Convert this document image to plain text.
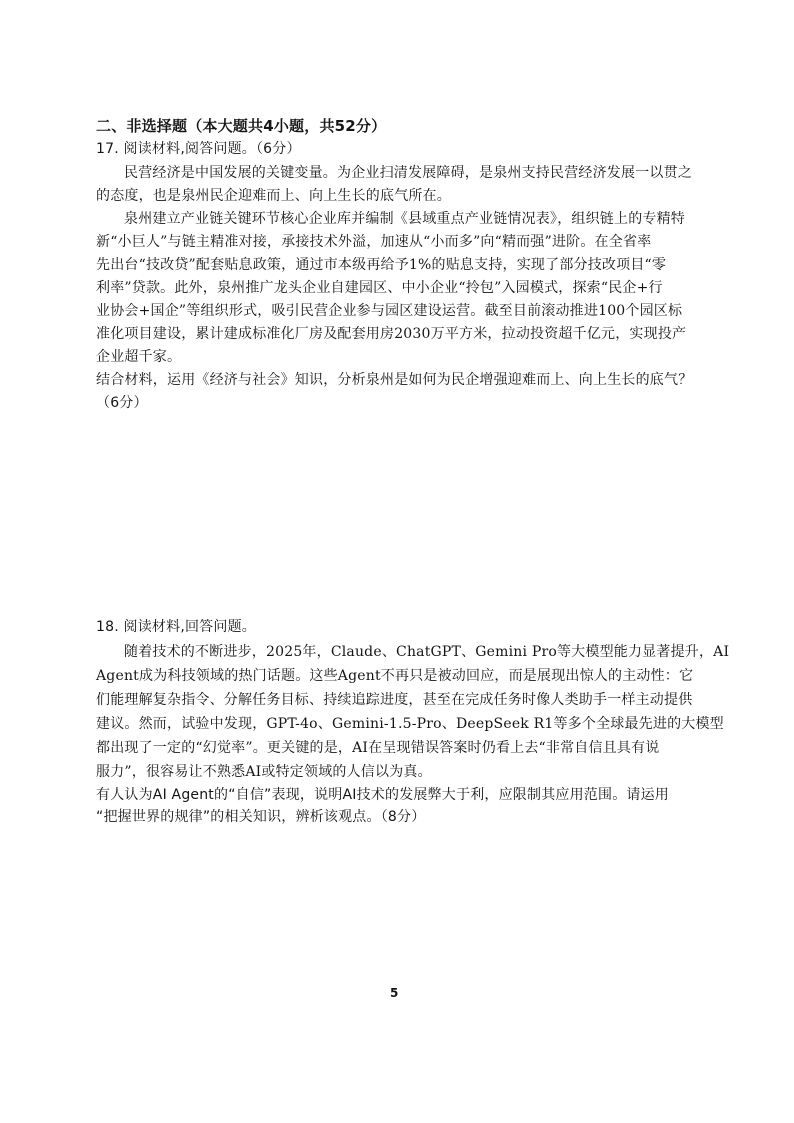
二、非选择题（本大题共4小题，共52分）
17. 阅读材料,阅答问题。（6分）
民营经济是中国发展的关键变量。为企业扫清发展障碍，是泉州支持民营经济发展一以贯之
的态度，也是泉州民企迎难而上、向上生长的底气所在。
泉州建立产业链关键环节核心企业库并编制《县域重点产业链情况表》，组织链上的专精特
新“小巨人”与链主精准对接，承接技术外溢，加速从“小而多”向“精而强”进阶。在全省率
先出台“技改贷”配套贴息政策，通过市本级再给予1%的贴息支持，实现了部分技改项目“零
利率”贷款。此外，泉州推广龙头企业自建园区、中小企业“拎包”入园模式，探索“民企+行
业协会+国企”等组织形式，吸引民营企业参与园区建设运营。截至目前滚动推进100个园区标
准化项目建设，累计建成标准化厂房及配套用房2030万平方米，拉动投资超千亿元，实现投产
企业超千家。
结合材料，运用《经济与社会》知识，分析泉州是如何为民企增强迎难而上、向上生长的底气？
（6分）
18. 阅读材料,回答问题。
随着技术的不断进步，2025年，Claude、ChatGPT、Gemini Pro等大模型能力显著提升，AI
Agent成为科技领域的热门话题。这些Agent不再只是被动回应，而是展现出惊人的主动性：它
们能理解复杂指令、分解任务目标、持续追踪进度，甚至在完成任务时像人类助手一样主动提供
建议。然而，试验中发现，GPT-4o、Gemini-1.5-Pro、DeepSeek R1等多个全球最先进的大模型
都出现了一定的“幻觉率”。更关键的是，AI在呈现错误答案时仍看上去“非常自信且具有说
服力”，很容易让不熟悉AI或特定领域的人信以为真。
有人认为AI Agent的“自信”表现，说明AI技术的发展弊大于利，应限制其应用范围。请运用
“把握世界的规律”的相关知识，辨析该观点。（8分）
5
